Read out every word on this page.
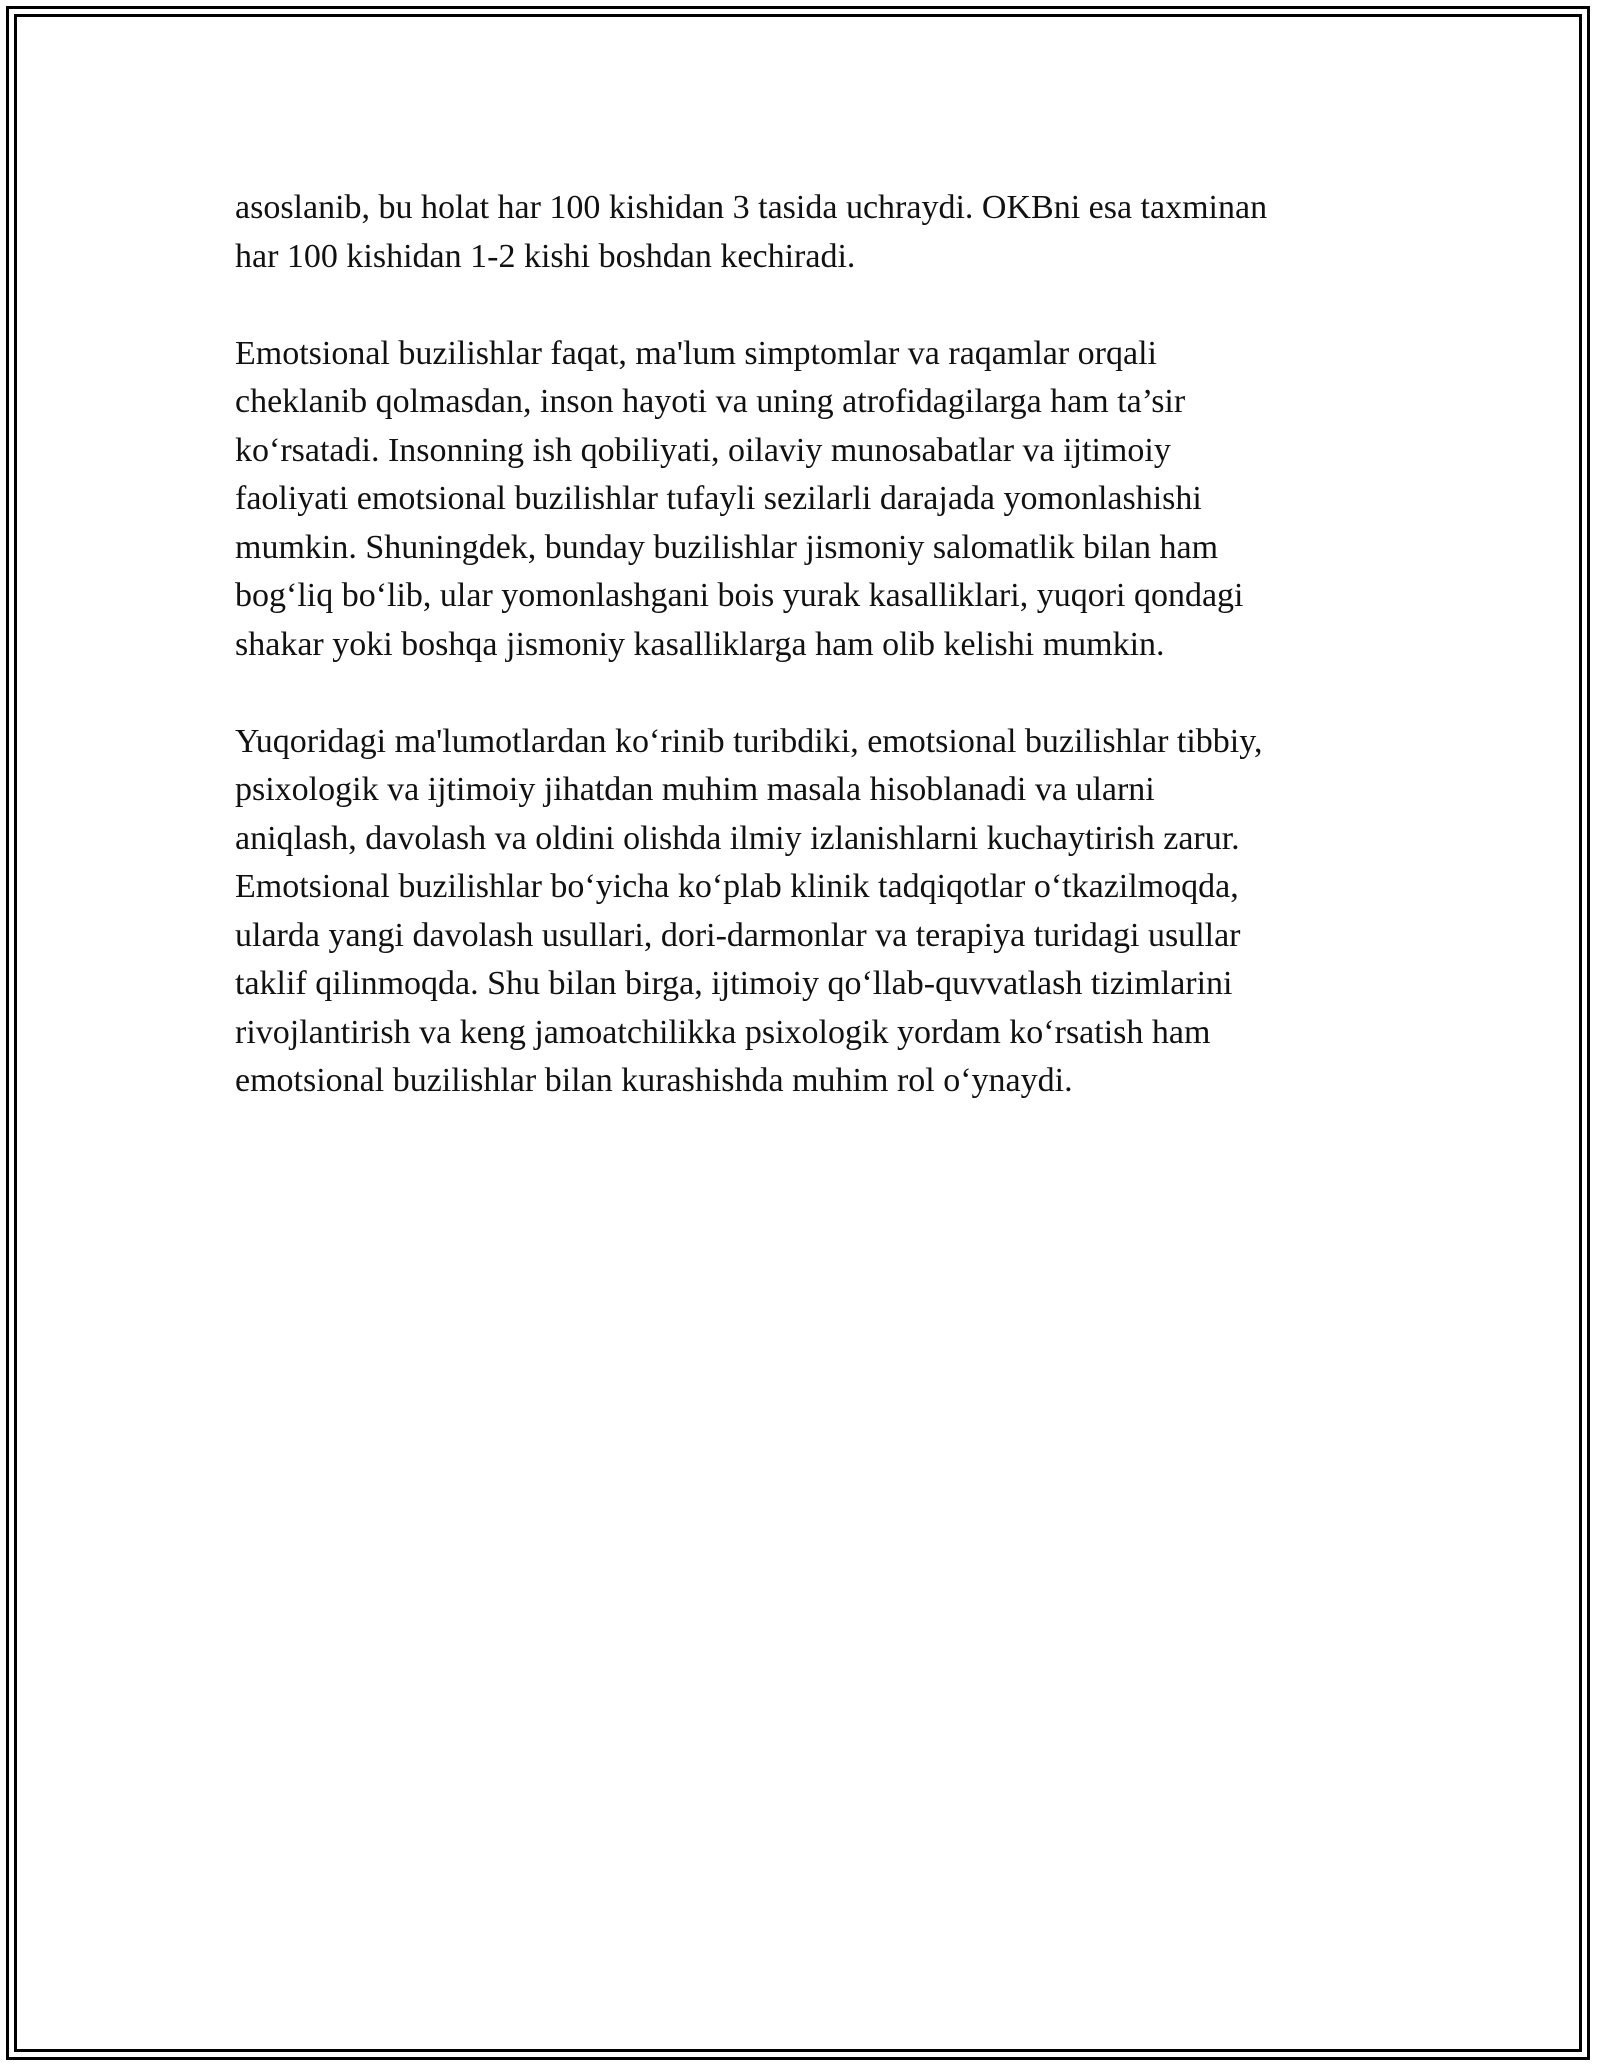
asoslanib, bu holat har 100 kishidan 3 tasida uchraydi. OKBni esa taxminan
har 100 kishidan 1-2 kishi boshdan kechiradi.

Emotsional buzilishlar faqat, ma'lum simptomlar va raqamlar orqali
cheklanib qolmasdan, inson hayoti va uning atrofidagilarga ham ta’sir
ko‘rsatadi. Insonning ish qobiliyati, oilaviy munosabatlar va ijtimoiy
faoliyati emotsional buzilishlar tufayli sezilarli darajada yomonlashishi
mumkin. Shuningdek, bunday buzilishlar jismoniy salomatlik bilan ham
bog‘liq bo‘lib, ular yomonlashgani bois yurak kasalliklari, yuqori qondagi
shakar yoki boshqa jismoniy kasalliklarga ham olib kelishi mumkin.

Yuqoridagi ma'lumotlardan ko‘rinib turibdiki, emotsional buzilishlar tibbiy,
psixologik va ijtimoiy jihatdan muhim masala hisoblanadi va ularni
aniqlash, davolash va oldini olishda ilmiy izlanishlarni kuchaytirish zarur.
Emotsional buzilishlar bo‘yicha ko‘plab klinik tadqiqotlar o‘tkazilmoqda,
ularda yangi davolash usullari, dori-darmonlar va terapiya turidagi usullar
taklif qilinmoqda. Shu bilan birga, ijtimoiy qo‘llab-quvvatlash tizimlarini
rivojlantirish va keng jamoatchilikka psixologik yordam ko‘rsatish ham
emotsional buzilishlar bilan kurashishda muhim rol o‘ynaydi.
